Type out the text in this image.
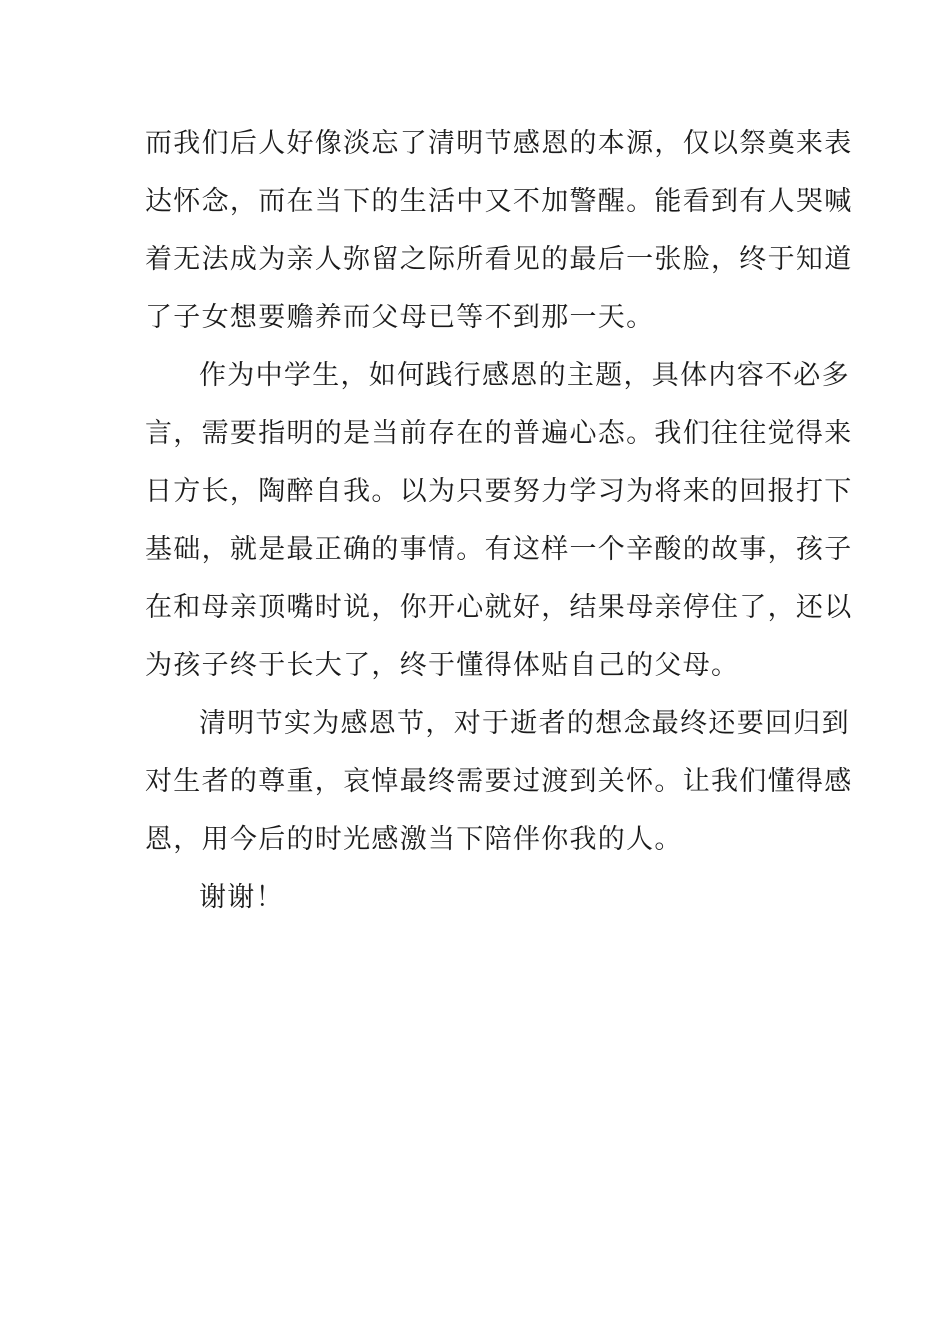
而我们后人好像淡忘了清明节感恩的本源，仅以祭奠来表
达怀念，而在当下的生活中又不加警醒。能看到有人哭喊
着无法成为亲人弥留之际所看见的最后一张脸，终于知道
了子女想要赡养而父母已等不到那一天。
作为中学生，如何践行感恩的主题，具体内容不必多
言，需要指明的是当前存在的普遍心态。我们往往觉得来
日方长，陶醉自我。以为只要努力学习为将来的回报打下
基础，就是最正确的事情。有这样一个辛酸的故事，孩子
在和母亲顶嘴时说，你开心就好，结果母亲停住了，还以
为孩子终于长大了，终于懂得体贴自己的父母。
清明节实为感恩节，对于逝者的想念最终还要回归到
对生者的尊重，哀悼最终需要过渡到关怀。让我们懂得感
恩，用今后的时光感激当下陪伴你我的人。
谢谢！
